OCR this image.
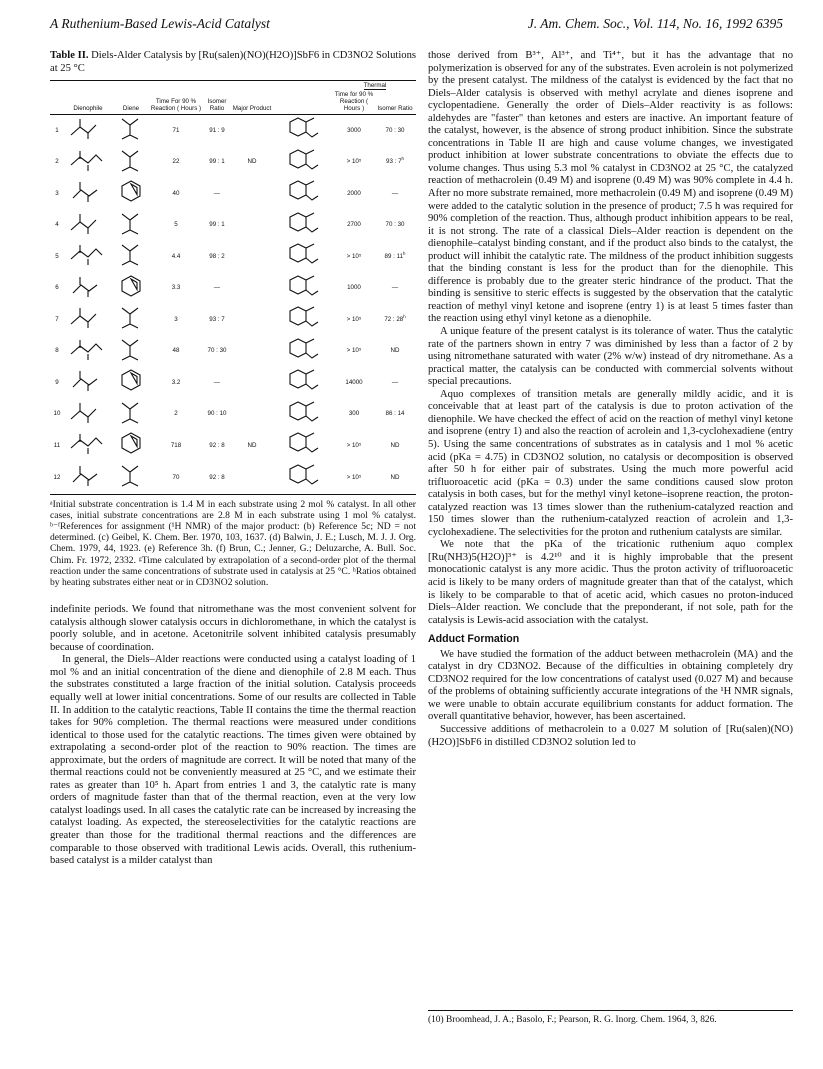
A Ruthenium-Based Lewis-Acid Catalyst	J. Am. Chem. Soc., Vol. 114, No. 16, 1992 6395
Table II. Diels-Alder Catalysis by [Ru(salen)(NO)(H2O)]SbF6 in CD3NO2 Solutions at 25 °C
							Thermal	
	Dienophile	Diene	Time For 90 % Reaction ( Hours )	Isomer Ratio	Major Product		Time for 90 % Reaction ( Hours )	Isomer Ratio
1			71	91 : 9			3000	70 : 30
2			22	99 : 1	ND		> 10⁵	93 : 7$^h$
3			40	—			2000	—
4			5	99 : 1			2700	70 : 30
5			4.4	98 : 2			> 10⁵	89 : 11$^h$
6			3.3	—			1000	—
7			3	93 : 7			> 10⁵	72 : 28$^h$
8			48	70 : 30			> 10⁵	ND
9			3.2	—			14000	—
10			2	90 : 10			300	86 : 14
11			718	92 : 8	ND		> 10⁵	ND
12			70	92 : 8			> 10⁵	ND
ᵃInitial substrate concentration is 1.4 M in each substrate using 2 mol % catalyst. In all other cases, initial substrate concentrations are 2.8 M in each substrate using 1 mol % catalyst. ᵇ⁻ᶠReferences for assignment (¹H NMR) of the major product: (b) Reference 5c; ND = not determined. (c) Geibel, K. Chem. Ber. 1970, 103, 1637. (d) Balwin, J. E.; Lusch, M. J. J. Org. Chem. 1979, 44, 1923. (e) Reference 3h. (f) Brun, C.; Jenner, G.; Deluzarche, A. Bull. Soc. Chim. Fr. 1972, 2332. ᵍTime calculated by extrapolation of a second-order plot of the thermal reaction under the same concentrations of substrate used in catalysis at 25 °C. ʰRatios obtained by heating substrates either neat or in CD3NO2 solution.

indefinite periods. We found that nitromethane was the most convenient solvent for catalysis although slower catalysis occurs in dichloromethane, in which the catalyst is poorly soluble, and in acetone. Acetonitrile solvent inhibited catalysis presumably because of coordination.

In general, the Diels–Alder reactions were conducted using a catalyst loading of 1 mol % and an initial concentration of the diene and dienophile of 2.8 M each. Thus the substrates constituted a large fraction of the initial solution. Catalysis proceeds equally well at lower initial concentrations. Some of our results are collected in Table II. In addition to the catalytic reactions, Table II contains the time the thermal reaction takes for 90% completion. The thermal reactions were measured under conditions identical to those used for the catalytic reactions. The times given were obtained by extrapolating a second-order plot of the reaction to 90% reaction. The times are approximate, but the orders of magnitude are correct. It will be noted that many of the thermal reactions could not be conveniently measured at 25 °C, and we estimate their rates as greater than 10⁵ h. Apart from entries 1 and 3, the catalytic rate is many orders of magnitude faster than that of the thermal reaction, even at the very low catalyst loadings used. In all cases the catalytic rate can be increased by increasing the catalyst loading. As expected, the stereoselectivities for the catalytic reactions are greater than those for the traditional thermal reactions and the differences are comparable to those observed with traditional Lewis acids. Overall, this ruthenium-based catalyst is a milder catalyst than

those derived from B³⁺, Al³⁺, and Ti⁴⁺, but it has the advantage that no polymerization is observed for any of the substrates. Even acrolein is not polymerized by the present catalyst. The mildness of the catalyst is evidenced by the fact that no Diels–Alder catalysis is observed with methyl acrylate and dienes isoprene and cyclopentadiene. Generally the order of Diels–Alder reactivity is as follows: aldehydes are "faster" than ketones and esters are inactive. An important feature of the catalyst, however, is the absence of strong product inhibition. Since the substrate concentrations in Table II are high and cause volume changes, we investigated product inhibition at lower substrate concentrations to obviate the effects due to volume changes. Thus using 5.3 mol % catalyst in CD3NO2 at 25 °C, the catalyzed reaction of methacrolein (0.49 M) and isoprene (0.49 M) was 90% complete in 4.4 h. After no more substrate remained, more methacrolein (0.49 M) and isoprene (0.49 M) were added to the catalytic solution in the presence of product; 7.5 h was required for 90% completion of the reaction. Thus, although product inhibition appears to be real, it is not strong. The rate of a classical Diels–Alder reaction is dependent on the dienophile–catalyst binding constant, and if the product also binds to the catalyst, the product will inhibit the catalytic rate. The mildness of the product inhibition suggests that the binding constant is less for the product than for the dienophile. This difference is probably due to the greater steric hindrance of the product. That the binding is sensitive to steric effects is suggested by the observation that the catalytic reaction of methyl vinyl ketone and isoprene (entry 1) is at least 5 times faster than the reaction using ethyl vinyl ketone as a dienophile.

A unique feature of the present catalyst is its tolerance of water. Thus the catalytic rate of the partners shown in entry 7 was diminished by less than a factor of 2 by using nitromethane saturated with water (2% w/w) instead of dry nitromethane. As a practical matter, the catalysis can be conducted with commercial solvents without special precautions.

Aquo complexes of transition metals are generally mildly acidic, and it is conceivable that at least part of the catalysis is due to proton activation of the dienophile. We have checked the effect of acid on the reaction of methyl vinyl ketone and isoprene (entry 1) and also the reaction of acrolein and 1,3-cyclohexadiene (entry 5). Using the same concentrations of substrates as in catalysis and 1 mol % acetic acid (pKa = 4.75) in CD3NO2 solution, no catalysis or decomposition is observed after 50 h for either pair of substrates. Using the much more powerful acid trifluoroacetic acid (pKa = 0.3) under the same conditions caused slow proton catalysis in both cases, but for the methyl vinyl ketone–isoprene reaction, the proton-catalyzed reaction was 13 times slower than the ruthenium-catalyzed reaction and 150 times slower than the ruthenium-catalyzed reaction of acrolein and 1,3-cyclohexadiene. The selectivities for the proton and ruthenium catalysts are similar.

We note that the pKa of the tricationic ruthenium aquo complex [Ru(NH3)5(H2O)]³⁺ is 4.2¹⁰ and it is highly improbable that the present monocationic catalyst is any more acidic. Thus the proton activity of trifluoroacetic acid is likely to be many orders of magnitude greater than that of the catalyst, which is likely to be comparable to that of acetic acid, which casues no proton-induced Diels–Alder reaction. We conclude that the preponderant, if not sole, path for the catalysis is Lewis-acid association with the catalyst.

Adduct Formation

We have studied the formation of the adduct between methacrolein (MA) and the catalyst in dry CD3NO2. Because of the difficulties in obtaining completely dry CD3NO2 required for the low concentrations of catalyst used (0.027 M) and because of the problems of obtaining sufficiently accurate integrations of the ¹H NMR signals, we were unable to obtain accurate equilibrium constants for adduct formation. The overall quantitative behavior, however, has been ascertained.

Successive additions of methacrolein to a 0.027 M solution of [Ru(salen)(NO)(H2O)]SbF6 in distilled CD3NO2 solution led to

(10) Broomhead, J. A.; Basolo, F.; Pearson, R. G. Inorg. Chem. 1964, 3, 826.
